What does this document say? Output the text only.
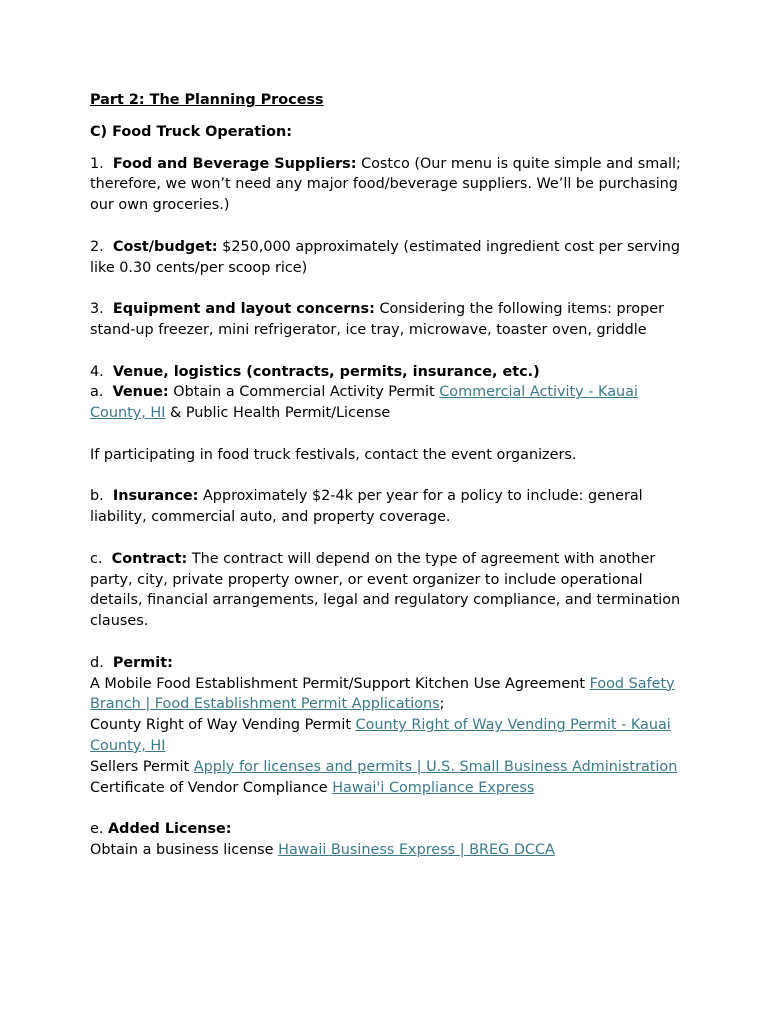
Part 2: The Planning Process

C) Food Truck Operation:

1. Food and Beverage Suppliers: Costco (Our menu is quite simple and small; therefore, we won’t need any major food/beverage suppliers. We’ll be purchasing our own groceries.)

2. Cost/budget: $250,000 approximately (estimated ingredient cost per serving like 0.30 cents/per scoop rice)

3. Equipment and layout concerns: Considering the following items: proper stand-up freezer, mini refrigerator, ice tray, microwave, toaster oven, griddle

4. Venue, logistics (contracts, permits, insurance, etc.)

a. Venue: Obtain a Commercial Activity Permit Commercial Activity - Kauai County, HI & Public Health Permit/License

If participating in food truck festivals, contact the event organizers.

b. Insurance: Approximately $2-4k per year for a policy to include: general liability, commercial auto, and property coverage.

c. Contract: The contract will depend on the type of agreement with another party, city, private property owner, or event organizer to include operational details, financial arrangements, legal and regulatory compliance, and termination clauses.

d. Permit:

A Mobile Food Establishment Permit/Support Kitchen Use Agreement Food Safety Branch | Food Establishment Permit Applications;

County Right of Way Vending Permit County Right of Way Vending Permit - Kauai County, HI

Sellers Permit Apply for licenses and permits | U.S. Small Business Administration

Certificate of Vendor Compliance Hawai'i Compliance Express

e. Added License:

Obtain a business license Hawaii Business Express | BREG DCCA
